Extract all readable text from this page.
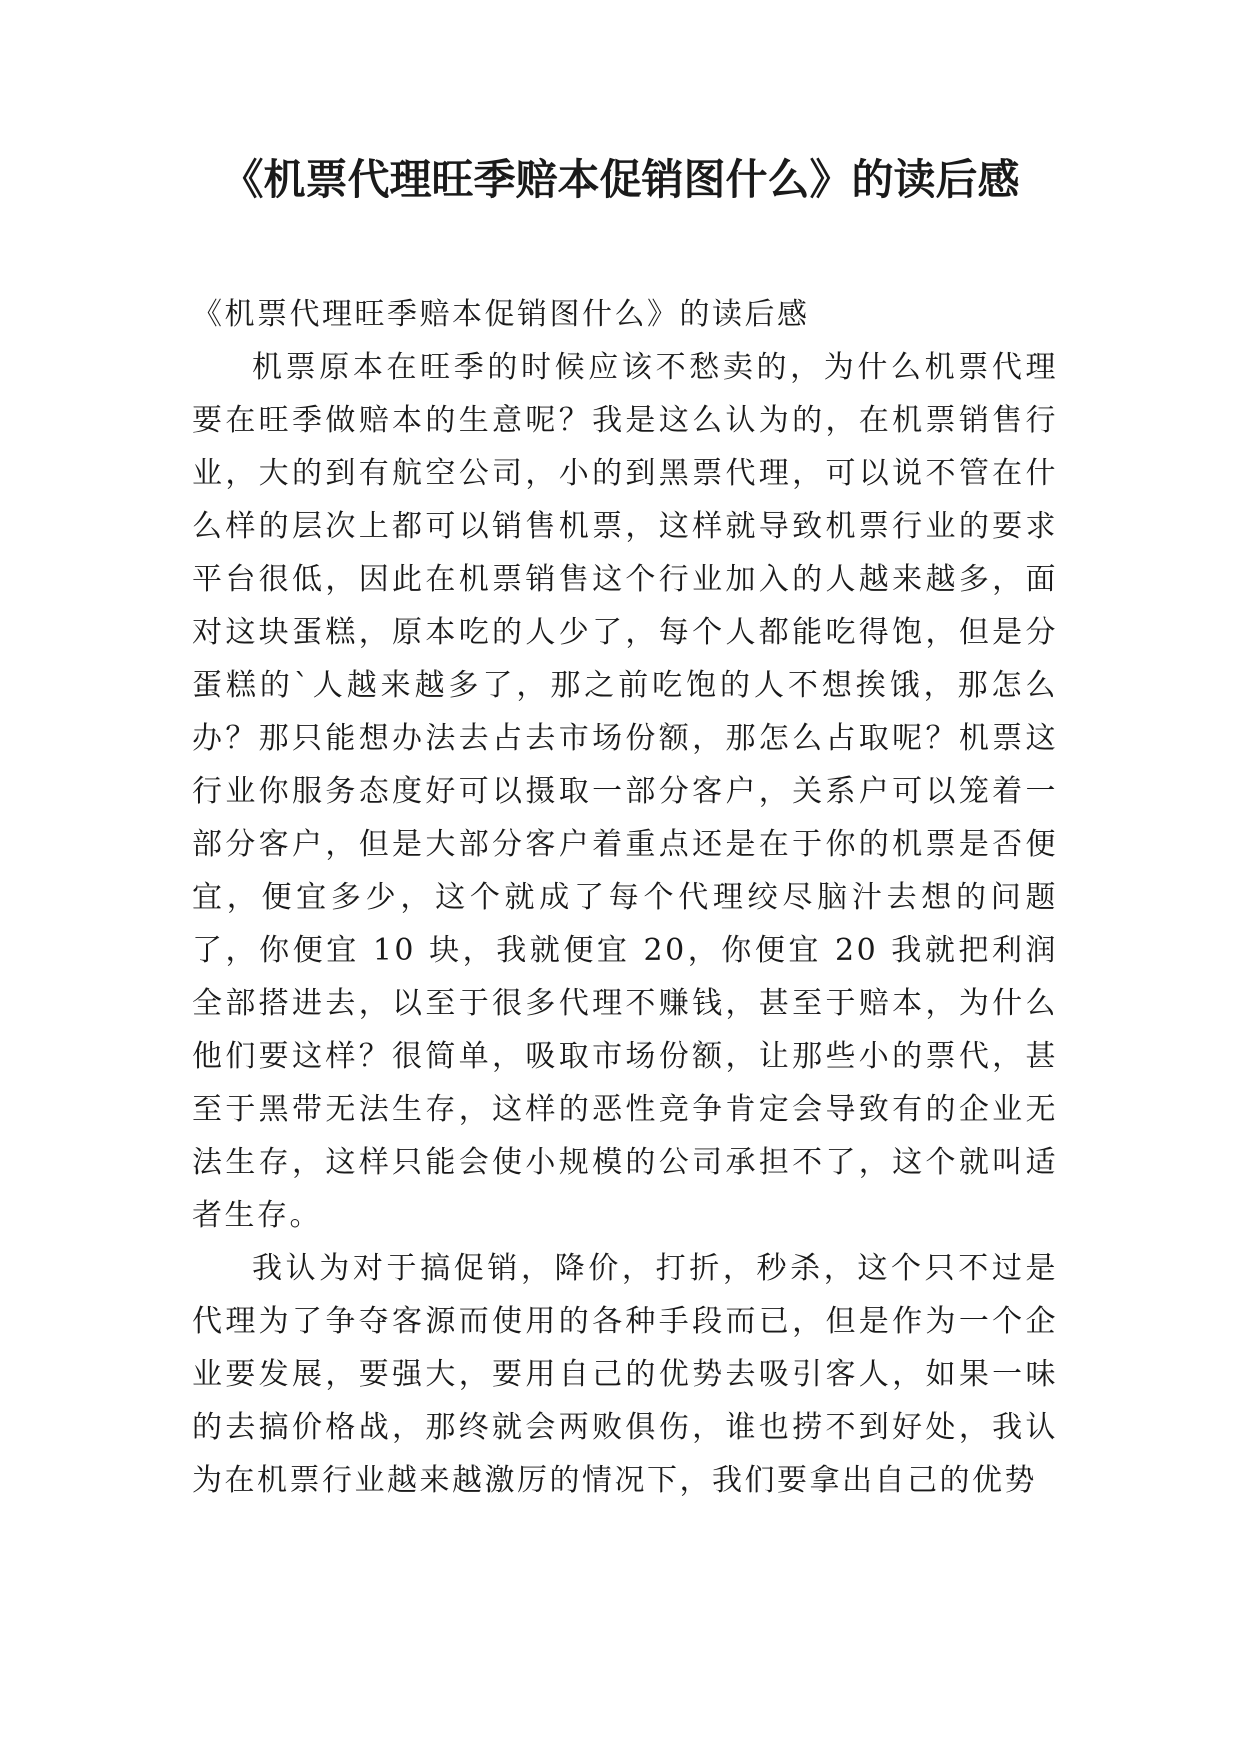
《机票代理旺季赔本促销图什么》的读后感

《机票代理旺季赔本促销图什么》的读后感

机票原本在旺季的时候应该不愁卖的，为什么机票代理要在旺季做赔本的生意呢？我是这么认为的，在机票销售行业，大的到有航空公司，小的到黑票代理，可以说不管在什么样的层次上都可以销售机票，这样就导致机票行业的要求平台很低，因此在机票销售这个行业加入的人越来越多，面对这块蛋糕，原本吃的人少了，每个人都能吃得饱，但是分蛋糕的`人越来越多了，那之前吃饱的人不想挨饿，那怎么办？那只能想办法去占去市场份额，那怎么占取呢？机票这行业你服务态度好可以摄取一部分客户，关系户可以笼着一部分客户，但是大部分客户着重点还是在于你的机票是否便宜，便宜多少，这个就成了每个代理绞尽脑汁去想的问题了，你便宜 10 块，我就便宜 20，你便宜 20 我就把利润全部搭进去，以至于很多代理不赚钱，甚至于赔本，为什么他们要这样？很简单，吸取市场份额，让那些小的票代，甚至于黑带无法生存，这样的恶性竞争肯定会导致有的企业无法生存，这样只能会使小规模的公司承担不了，这个就叫适者生存。

我认为对于搞促销，降价，打折，秒杀，这个只不过是代理为了争夺客源而使用的各种手段而已，但是作为一个企业要发展，要强大，要用自己的优势去吸引客人，如果一味的去搞价格战，那终就会两败俱伤，谁也捞不到好处，我认为在机票行业越来越激厉的情况下，我们要拿出自己的优势
